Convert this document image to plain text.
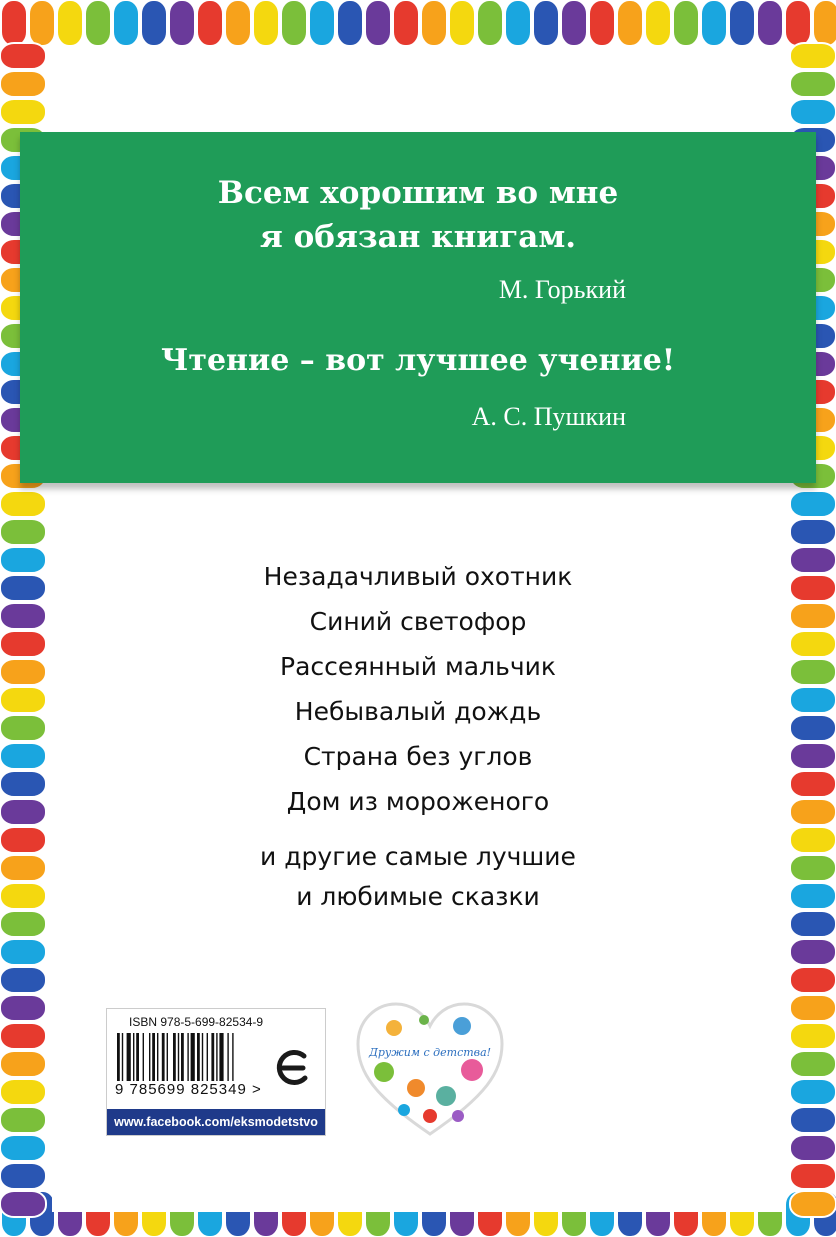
Всем хорошим во мне
я обязан книгам.
М. Горький
Чтение – вот лучшее учение!
А. С. Пушкин
Незадачливый охотник
Синий светофор
Рассеянный мальчик
Небывалый дождь
Страна без углов
Дом из мороженого
и другие самые лучшие
и любимые сказки
ISBN 978-5-699-82534-9
9 785699 825349 >
www.facebook.com/eksmodetstvo
Дружим с детства!
